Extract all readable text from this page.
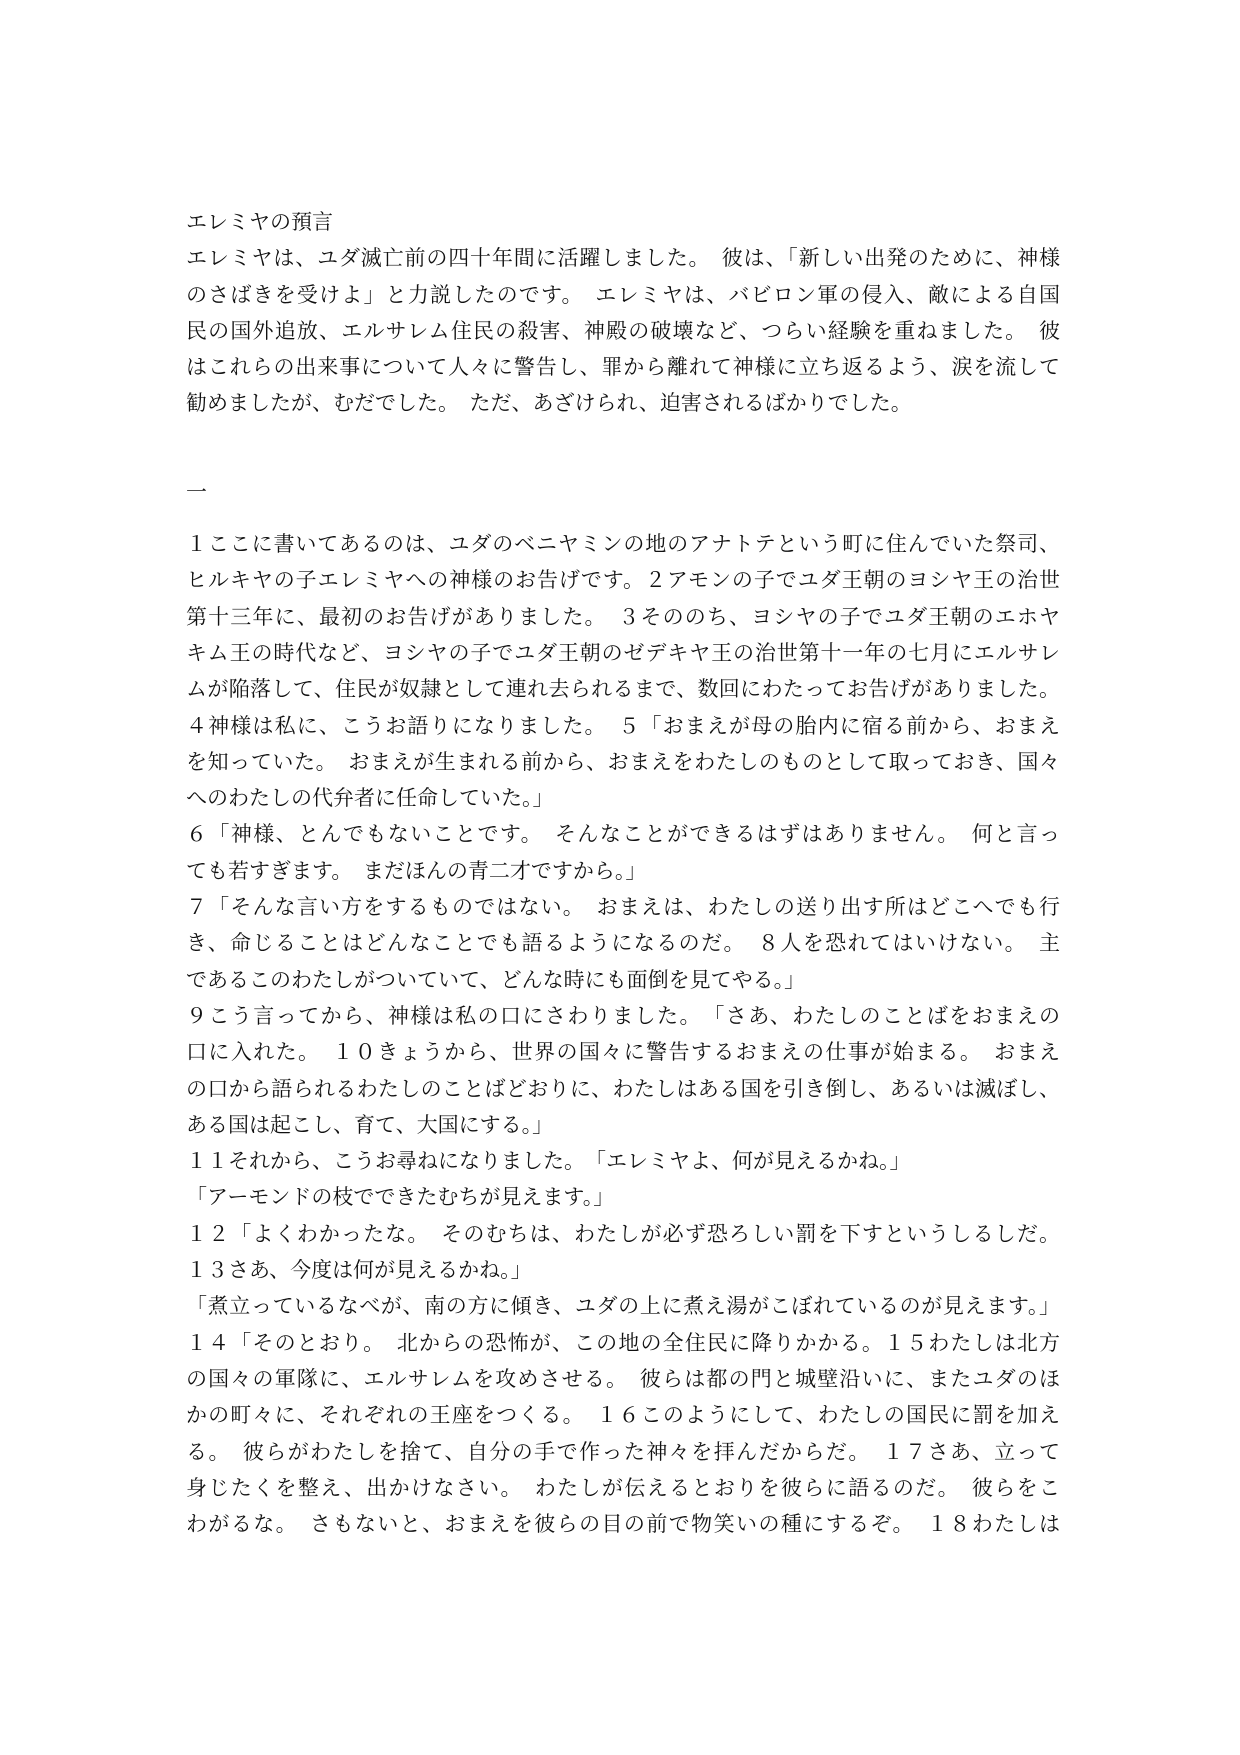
エレミヤの預言
エレミヤは、ユダ滅亡前の四十年間に活躍しました。　彼は、「新しい出発のために、神様
のさばきを受けよ」と力説したのです。　エレミヤは、バビロン軍の侵入、敵による自国
民の国外追放、エルサレム住民の殺害、神殿の破壊など、つらい経験を重ねました。　彼
はこれらの出来事について人々に警告し、罪から離れて神様に立ち返るよう、涙を流して
勧めましたが、むだでした。　ただ、あざけられ、迫害されるばかりでした。
一
１ここに書いてあるのは、ユダのベニヤミンの地のアナトテという町に住んでいた祭司、
ヒルキヤの子エレミヤへの神様のお告げです。２アモンの子でユダ王朝のヨシヤ王の治世
第十三年に、最初のお告げがありました。　３そののち、ヨシヤの子でユダ王朝のエホヤ
キム王の時代など、ヨシヤの子でユダ王朝のゼデキヤ王の治世第十一年の七月にエルサレ
ムが陥落して、住民が奴隷として連れ去られるまで、数回にわたってお告げがありました。
４神様は私に、こうお語りになりました。　５「おまえが母の胎内に宿る前から、おまえ
を知っていた。　おまえが生まれる前から、おまえをわたしのものとして取っておき、国々
へのわたしの代弁者に任命していた。」
６「神様、とんでもないことです。　そんなことができるはずはありません。　何と言っ
ても若すぎます。　まだほんの青二才ですから。」
７「そんな言い方をするものではない。　おまえは、わたしの送り出す所はどこへでも行
き、命じることはどんなことでも語るようになるのだ。　８人を恐れてはいけない。　主
であるこのわたしがついていて、どんな時にも面倒を見てやる。」
９こう言ってから、神様は私の口にさわりました。　「さあ、わたしのことばをおまえの
口に入れた。　１０きょうから、世界の国々に警告するおまえの仕事が始まる。　おまえ
の口から語られるわたしのことばどおりに、わたしはある国を引き倒し、あるいは滅ぼし、
ある国は起こし、育て、大国にする。」
１１それから、こうお尋ねになりました。　「エレミヤよ、何が見えるかね。」
「アーモンドの枝でできたむちが見えます。」
１２「よくわかったな。　そのむちは、わたしが必ず恐ろしい罰を下すというしるしだ。
１３さあ、今度は何が見えるかね。」
「煮立っているなべが、南の方に傾き、ユダの上に煮え湯がこぼれているのが見えます。」
１４「そのとおり。　北からの恐怖が、この地の全住民に降りかかる。１５わたしは北方
の国々の軍隊に、エルサレムを攻めさせる。　彼らは都の門と城壁沿いに、またユダのほ
かの町々に、それぞれの王座をつくる。　１６このようにして、わたしの国民に罰を加え
る。　彼らがわたしを捨て、自分の手で作った神々を拝んだからだ。　１７さあ、立って
身じたくを整え、出かけなさい。　わたしが伝えるとおりを彼らに語るのだ。　彼らをこ
わがるな。　さもないと、おまえを彼らの目の前で物笑いの種にするぞ。　１８わたしは
